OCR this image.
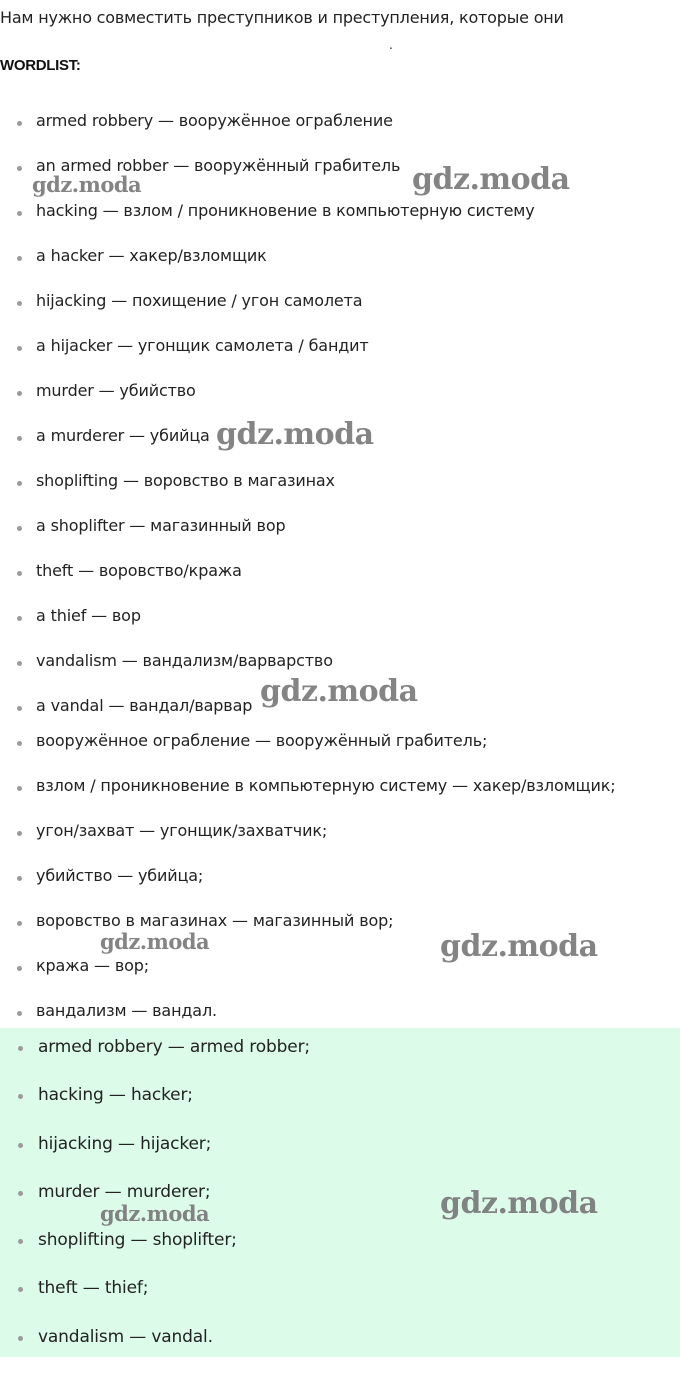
Нам нужно совместить преступников и преступления, которые они
.
WORDLIST:
armed robbery — вооружённое ограбление
an armed robber — вооружённый грабитель
hacking — взлом / проникновение в компьютерную систему
a hacker — хакер/взломщик
hijacking — похищение / угон самолета
a hijacker — угонщик самолета / бандит
murder — убийство
a murderer — убийца
shoplifting — воровство в магазинах
a shoplifter — магазинный вор
theft — воровство/кража
a thief — вор
vandalism — вандализм/варварство
a vandal — вандал/варвар
вооружённое ограбление — вооружённый грабитель;
взлом / проникновение в компьютерную систему — хакер/взломщик;
угон/захват — угонщик/захватчик;
убийство — убийца;
воровство в магазинах — магазинный вор;
кража — вор;
вандализм — вандал.
armed robbery — armed robber;
hacking — hacker;
hijacking — hijacker;
murder — murderer;
shoplifting — shoplifter;
theft — thief;
vandalism — vandal.
gdz.moda	gdz.moda
gdz.moda
gdz.moda
gdz.moda	gdz.moda
gdz.moda	gdz.moda
